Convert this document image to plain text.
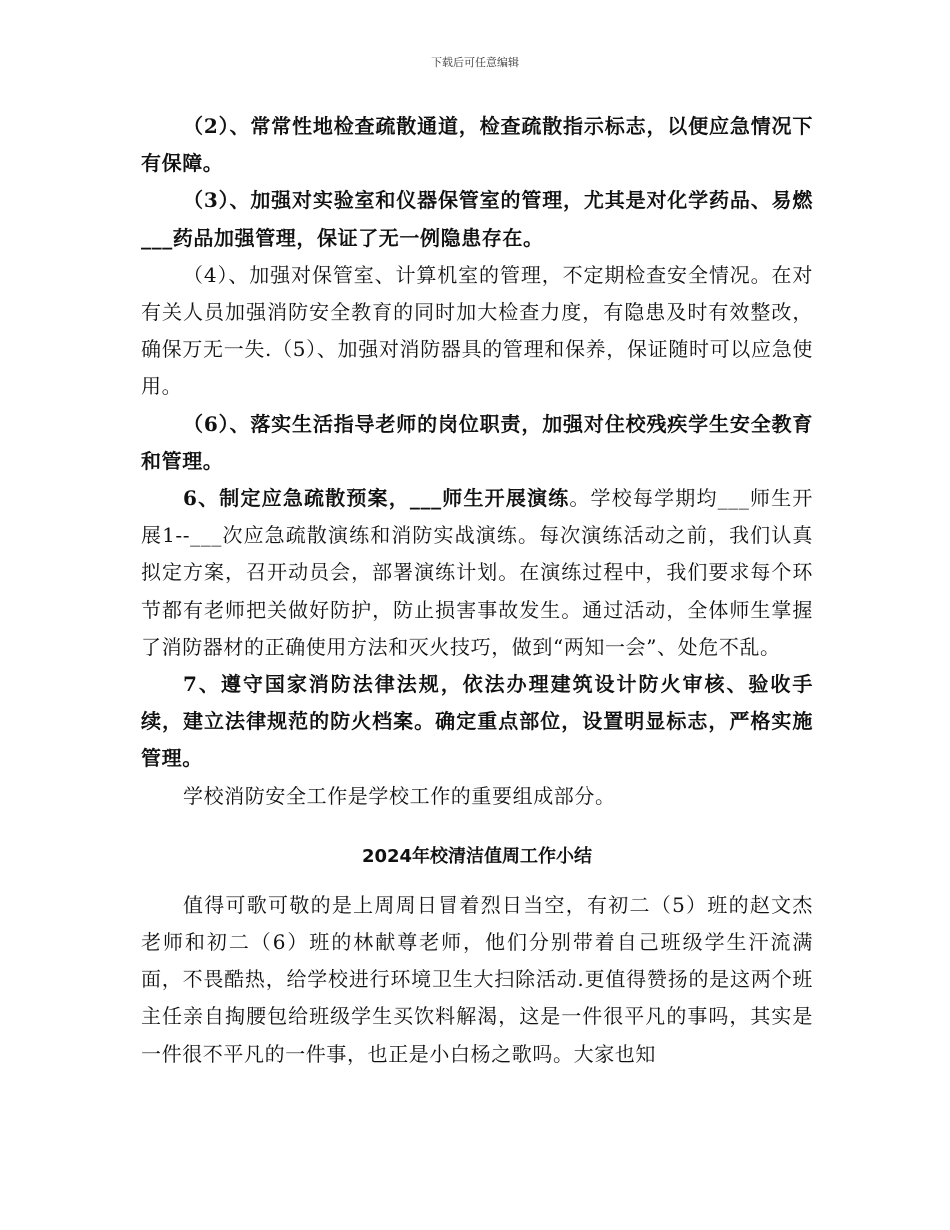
下载后可任意编辑

（2）、常常性地检查疏散通道，检查疏散指示标志，以便应急情况下有保障。

（3）、加强对实验室和仪器保管室的管理，尤其是对化学药品、易燃___药品加强管理，保证了无一例隐患存在。

（4）、加强对保管室、计算机室的管理，不定期检查安全情况。在对有关人员加强消防安全教育的同时加大检查力度，有隐患及时有效整改，确保万无一失.（5）、加强对消防器具的管理和保养，保证随时可以应急使用。

（6）、落实生活指导老师的岗位职责，加强对住校残疾学生安全教育和管理。

6、制定应急疏散预案，___师生开展演练。学校每学期均___师生开展1--___次应急疏散演练和消防实战演练。每次演练活动之前，我们认真拟定方案，召开动员会，部署演练计划。在演练过程中，我们要求每个环节都有老师把关做好防护，防止损害事故发生。通过活动，全体师生掌握了消防器材的正确使用方法和灭火技巧，做到“两知一会”、处危不乱。

7、遵守国家消防法律法规，依法办理建筑设计防火审核、验收手续，建立法律规范的防火档案。确定重点部位，设置明显标志，严格实施管理。

学校消防安全工作是学校工作的重要组成部分。

2024年校清洁值周工作小结

值得可歌可敬的是上周周日冒着烈日当空，有初二（5）班的赵文杰老师和初二（6）班的林献尊老师，他们分别带着自己班级学生汗流满面，不畏酷热，给学校进行环境卫生大扫除活动.更值得赞扬的是这两个班主任亲自掏腰包给班级学生买饮料解渴，这是一件很平凡的事吗，其实是一件很不平凡的一件事，也正是小白杨之歌吗。大家也知
